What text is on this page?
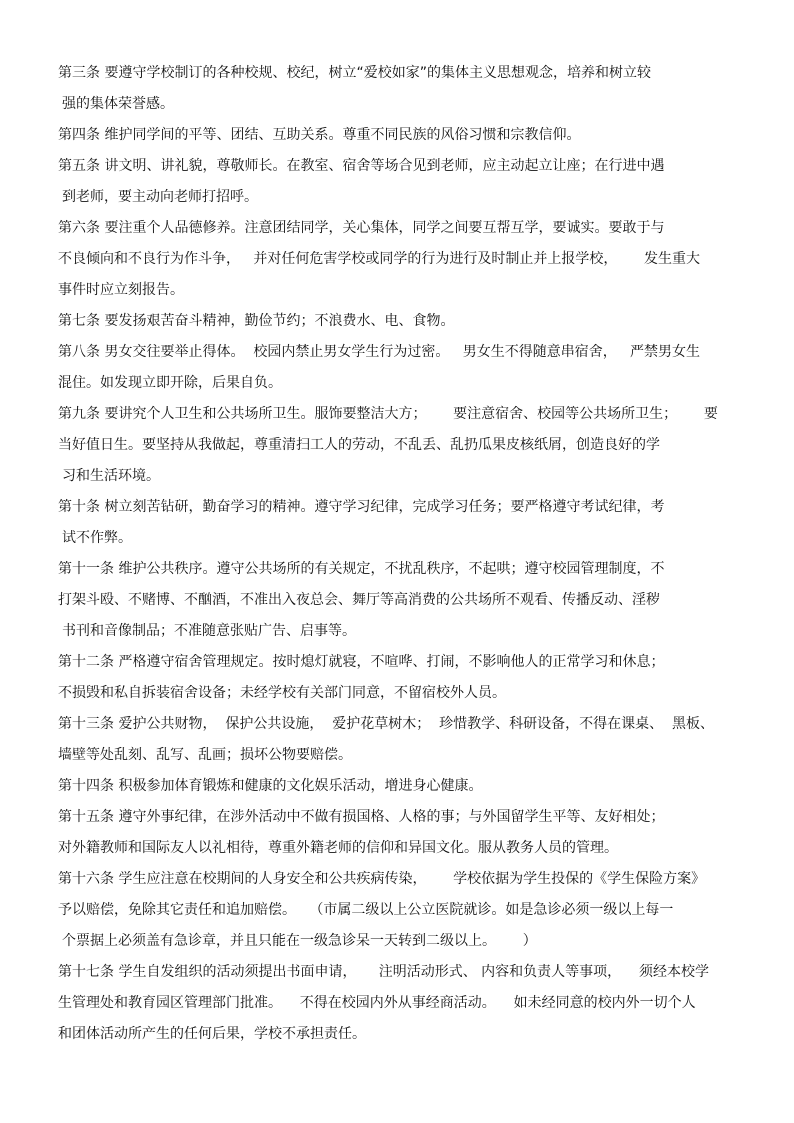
第三条 要遵守学校制订的各种校规、校纪，树立“爱校如家”的集体主义思想观念，培养和树立较
强的集体荣誉感。
第四条 维护同学间的平等、团结、互助关系。尊重不同民族的风俗习惯和宗教信仰。
第五条 讲文明、讲礼貌，尊敬师长。在教室、宿舍等场合见到老师，应主动起立让座；在行进中遇
到老师，要主动向老师打招呼。
第六条 要注重个人品德修养。注意团结同学，关心集体，同学之间要互帮互学，要诚实。要敢于与
不良倾向和不良行为作斗争，   并对任何危害学校或同学的行为进行及时制止并上报学校，      发生重大
事件时应立刻报告。
第七条 要发扬艰苦奋斗精神，勤俭节约；不浪费水、电、食物。
第八条 男女交往要举止得体。  校园内禁止男女学生行为过密。   男女生不得随意串宿舍，   严禁男女生
混住。如发现立即开除，后果自负。
第九条 要讲究个人卫生和公共场所卫生。服饰要整洁大方；      要注意宿舍、校园等公共场所卫生；      要
当好值日生。要坚持从我做起，尊重清扫工人的劳动，不乱丢、乱扔瓜果皮核纸屑，创造良好的学
习和生活环境。
第十条 树立刻苦钻研，勤奋学习的精神。遵守学习纪律，完成学习任务；要严格遵守考试纪律，考
试不作弊。
第十一条 维护公共秩序。遵守公共场所的有关规定，不扰乱秩序，不起哄；遵守校园管理制度，不
打架斗殴、不赌博、不酗酒，不准出入夜总会、舞厅等高消费的公共场所不观看、传播反动、淫秽
书刊和音像制品；不准随意张贴广告、启事等。
第十二条 严格遵守宿舍管理规定。按时熄灯就寝，不喧哗、打闹，不影响他人的正常学习和休息；
不损毁和私自拆装宿舍设备；未经学校有关部门同意，不留宿校外人员。
第十三条 爱护公共财物，  保护公共设施，  爱护花草树木；  珍惜教学、科研设备，不得在课桌、  黑板、
墙壁等处乱刻、乱写、乱画；损坏公物要赔偿。
第十四条 积极参加体育锻炼和健康的文化娱乐活动，增进身心健康。
第十五条 遵守外事纪律，在涉外活动中不做有损国格、人格的事；与外国留学生平等、友好相处；
对外籍教师和国际友人以礼相待，尊重外籍老师的信仰和异国文化。服从教务人员的管理。
第十六条 学生应注意在校期间的人身安全和公共疾病传染，      学校依据为学生投保的《学生保险方案》
予以赔偿，免除其它责任和追加赔偿。   （市属二级以上公立医院就诊。如是急诊必须一级以上每一
个票据上必须盖有急诊章，并且只能在一级急诊呆一天转到二级以上。      ）
第十七条 学生自发组织的活动须提出书面申请，     注明活动形式、 内容和负责人等事项，    须经本校学
生管理处和教育园区管理部门批准。    不得在校园内外从事经商活动。    如未经同意的校内外一切个人
和团体活动所产生的任何后果，学校不承担责任。
